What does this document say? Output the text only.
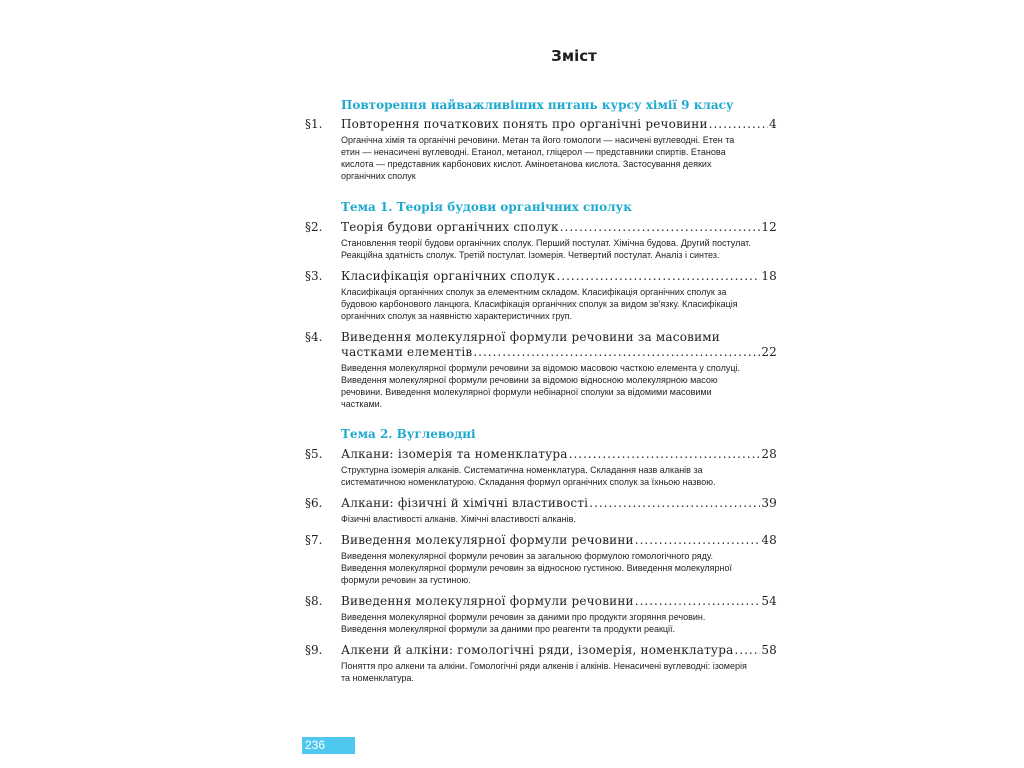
Зміст
Повторення найважливіших питань курсу хімії 9 класу
§1.	Повторення початкових понять про органічні речовини .....	4
Органічна хімія та органічні речовини. Метан та його гомологи — насичені вуглеводні. Етен та етин — ненасичені вуглеводні. Етанол, метанол, гліцерол — представники спиртів. Етанова кислота — представник карбонових кислот. Аміноетанова кислота. Застосування деяких органічних сполук
Тема 1. Теорія будови органічних сполук
§2.	Теорія будови органічних сполук .....	12
Становлення теорії будови органічних сполук. Перший постулат. Хімічна будова. Другий постулат. Реакційна здатність сполук. Третій постулат. Ізомерія. Четвертий постулат. Аналіз і синтез.
§3.	Класифікація органічних сполук .....	18
Класифікація органічних сполук за елементним складом. Класифікація органічних сполук за будовою карбонового ланцюга. Класифікація органічних сполук за видом зв'язку. Класифікація органічних сполук за наявністю характеристичних груп.
§4.	Виведення молекулярної формули речовини за масовими
частками елементів .....	22
Виведення молекулярної формули речовини за відомою масовою часткою елемента у сполуці. Виведення молекулярної формули речовини за відомою відносною молекулярною масою речовини. Виведення молекулярної формули небінарної сполуки за відомими масовими частками.
Тема 2. Вуглеводні
§5.	Алкани: ізомерія та номенклатура .....	28
Структурна ізомерія алканів. Систематична номенклатура. Складання назв алканів за систематичною номенклатурою. Складання формул органічних сполук за їхньою назвою.
§6.	Алкани: фізичні й хімічні властивості .....	39
Фізичні властивості алканів. Хімічні властивості алканів.
§7.	Виведення молекулярної формули речовини .....	48
Виведення молекулярної формули речовин за загальною формулою гомологічного ряду. Виведення молекулярної формули речовин за відносною густиною. Виведення молекулярної формули речовин за густиною.
§8.	Виведення молекулярної формули речовини .....	54
Виведення молекулярної формули речовин за даними про продукти згоряння речовин. Виведення молекулярної формули за даними про реагенти та продукти реакції.
§9.	Алкени й алкіни: гомологічні ряди, ізомерія, номенклатура ..... 58
Поняття про алкени та алкіни. Гомологічні ряди алкенів і алкінів. Ненасичені вуглеводні: ізомерія та номенклатура.
236
